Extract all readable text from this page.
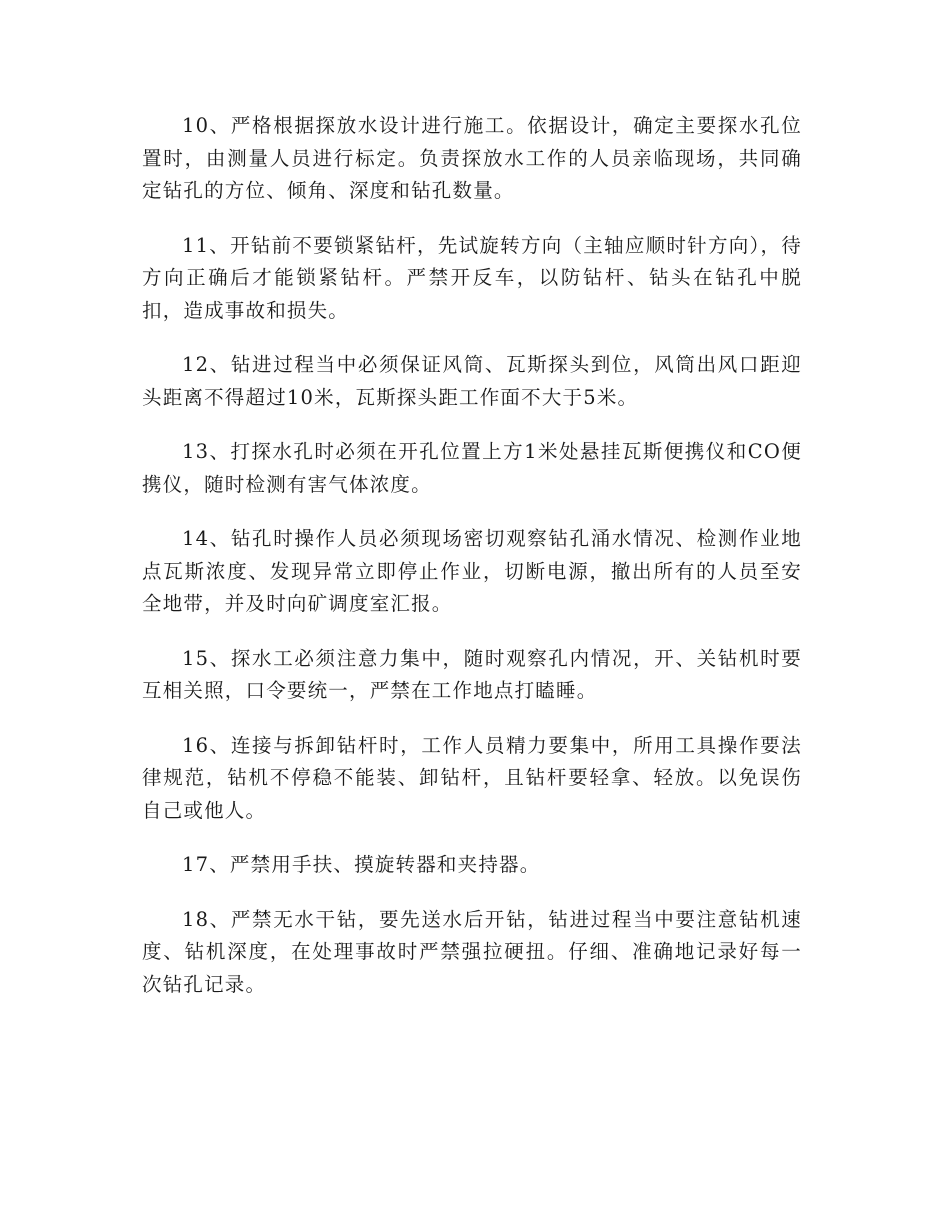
10、严格根据探放水设计进行施工。依据设计，确定主要探水孔位置时，由测量人员进行标定。负责探放水工作的人员亲临现场，共同确定钻孔的方位、倾角、深度和钻孔数量。

11、开钻前不要锁紧钻杆，先试旋转方向（主轴应顺时针方向），待方向正确后才能锁紧钻杆。严禁开反车，以防钻杆、钻头在钻孔中脱扣，造成事故和损失。

12、钻进过程当中必须保证风筒、瓦斯探头到位，风筒出风口距迎头距离不得超过10米，瓦斯探头距工作面不大于5米。

13、打探水孔时必须在开孔位置上方1米处悬挂瓦斯便携仪和CO便携仪，随时检测有害气体浓度。

14、钻孔时操作人员必须现场密切观察钻孔涌水情况、检测作业地点瓦斯浓度、发现异常立即停止作业，切断电源，撤出所有的人员至安全地带，并及时向矿调度室汇报。

15、探水工必须注意力集中，随时观察孔内情况，开、关钻机时要互相关照，口令要统一，严禁在工作地点打瞌睡。

16、连接与拆卸钻杆时，工作人员精力要集中，所用工具操作要法律规范，钻机不停稳不能装、卸钻杆，且钻杆要轻拿、轻放。以免误伤自己或他人。

17、严禁用手扶、摸旋转器和夹持器。

18、严禁无水干钻，要先送水后开钻，钻进过程当中要注意钻机速度、钻机深度，在处理事故时严禁强拉硬扭。仔细、准确地记录好每一次钻孔记录。
